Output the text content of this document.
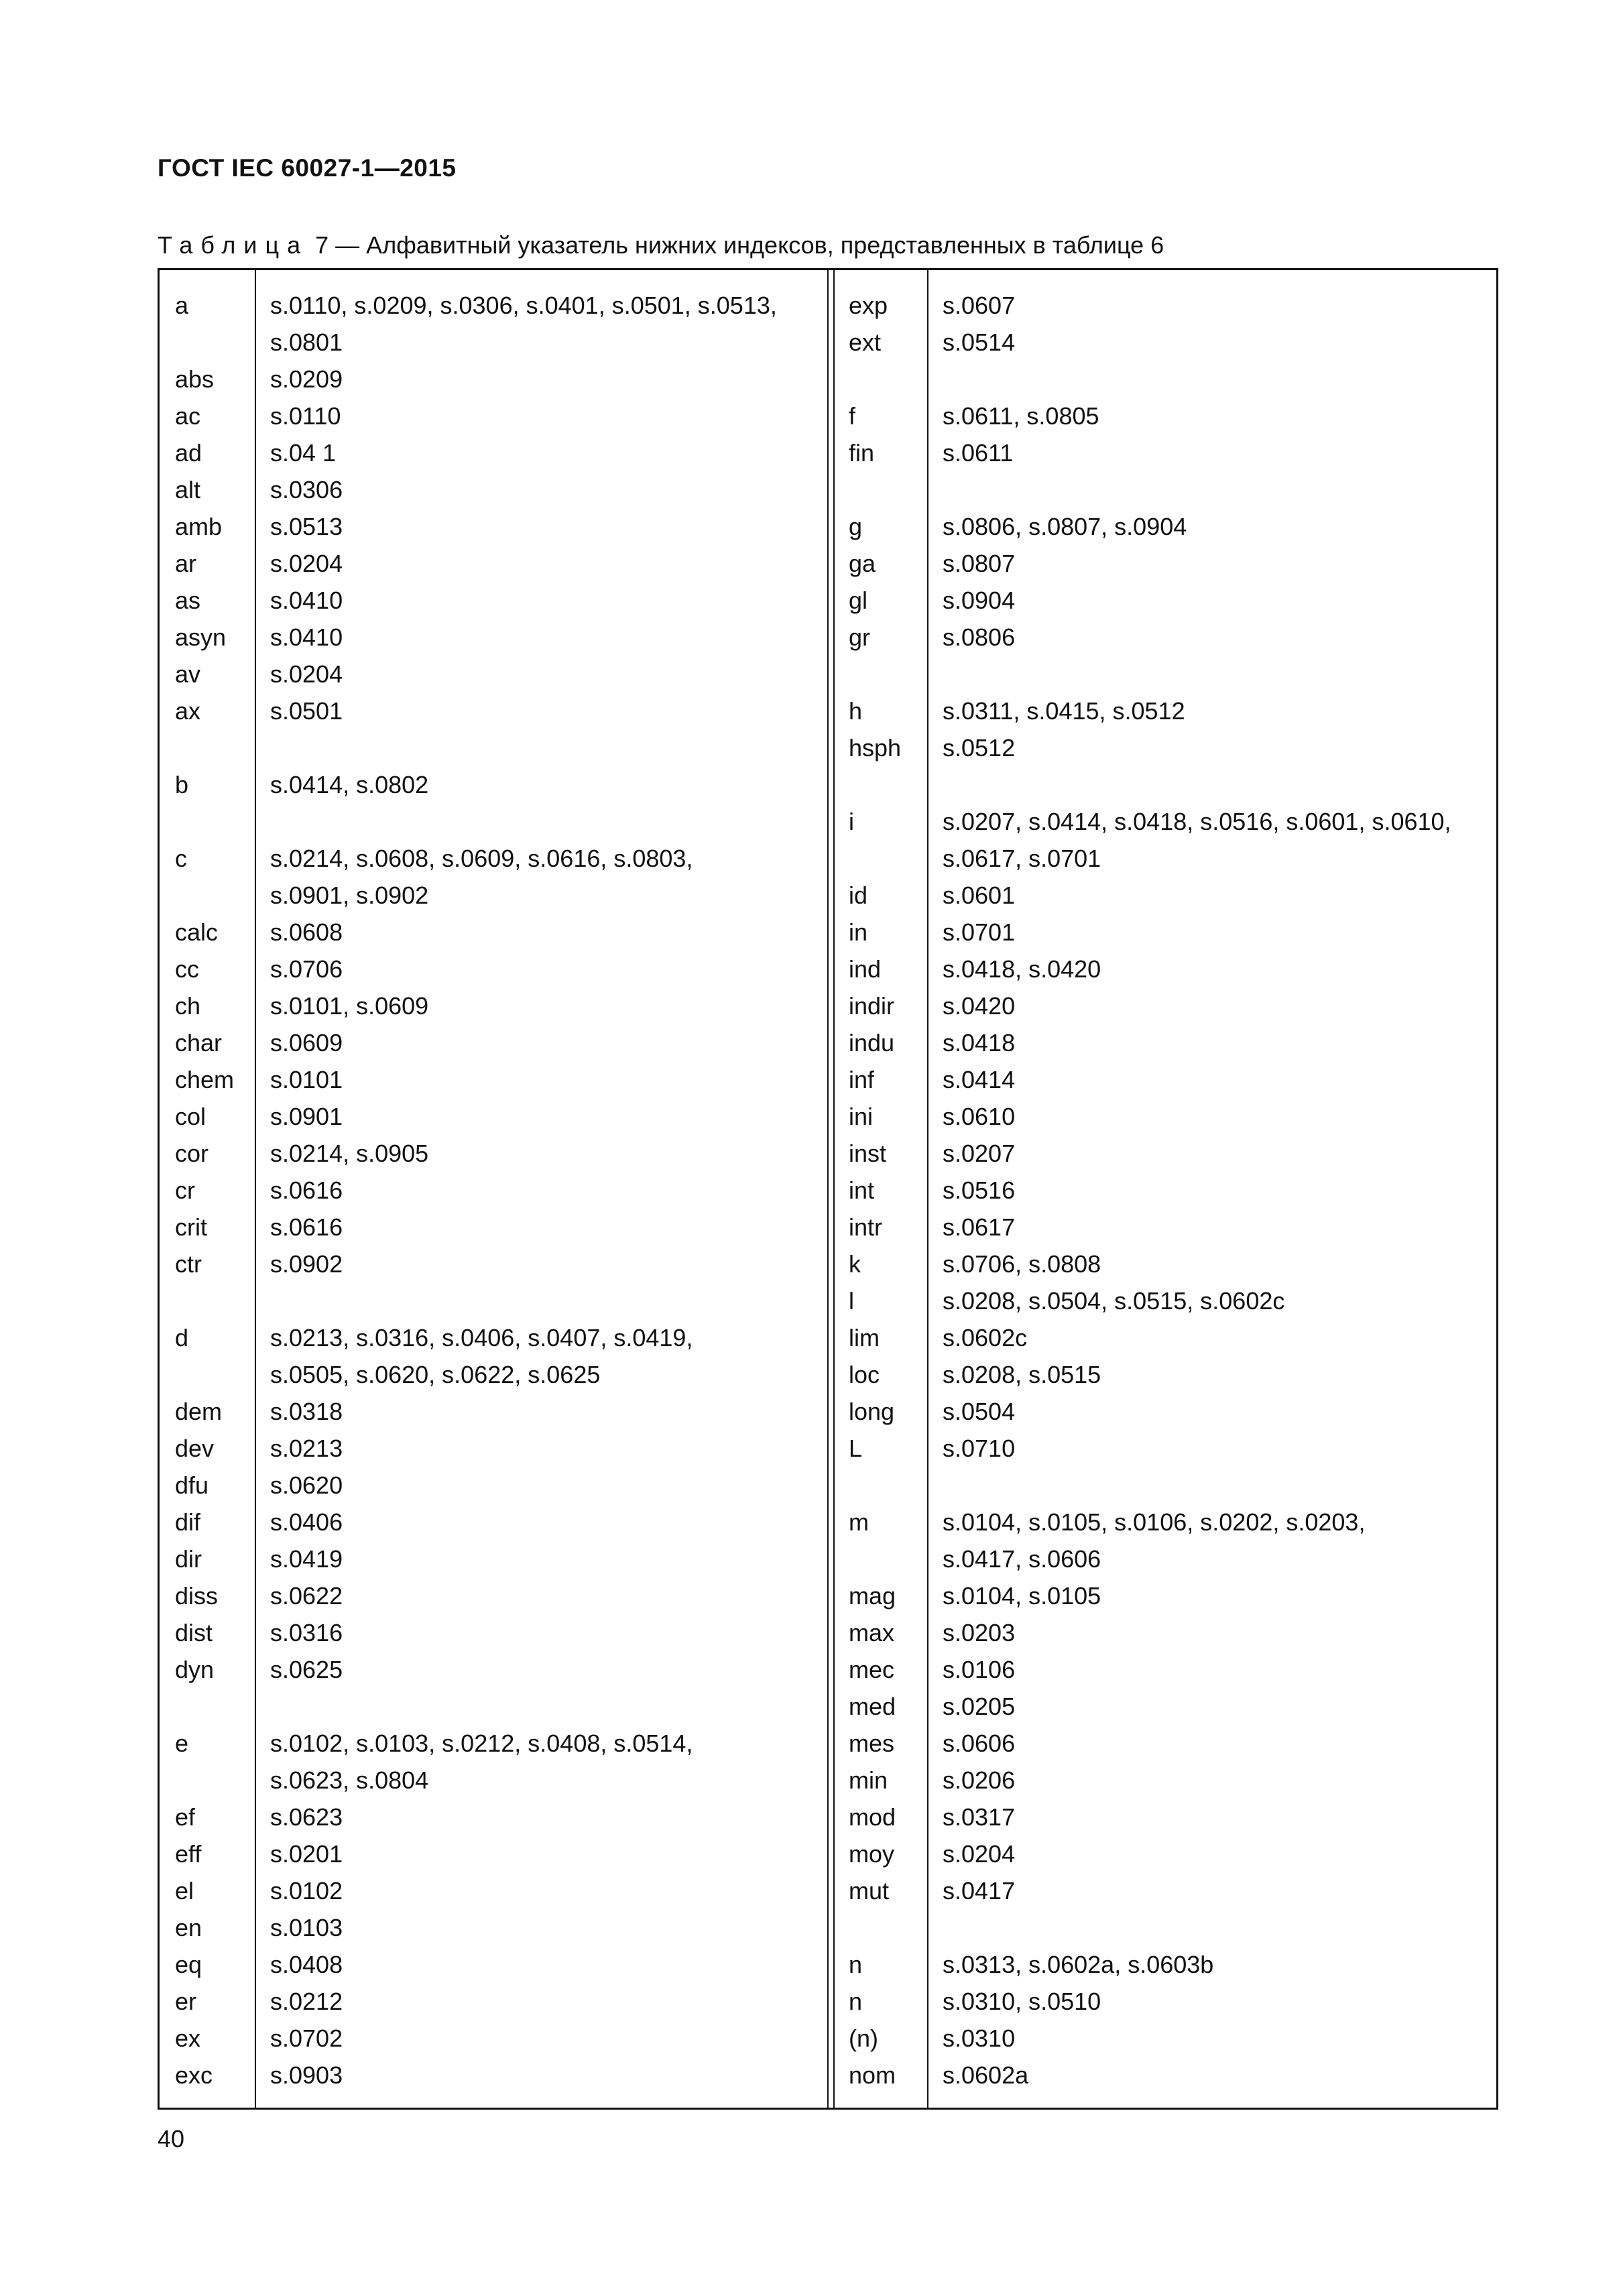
ГОСТ IEC 60027-1—2015
Таблица 7 — Алфавитный указатель нижних индексов, представленных в таблице 6
a	s.0110, s.0209, s.0306, s.0401, s.0501, s.0513,
s.0801
abs	s.0209
ac	s.0110
ad	s.04 1
alt	s.0306
amb	s.0513
ar	s.0204
as	s.0410
asyn	s.0410
av	s.0204
ax	s.0501
b	s.0414, s.0802
c	s.0214, s.0608, s.0609, s.0616, s.0803,
s.0901, s.0902
calc	s.0608
cc	s.0706
ch	s.0101, s.0609
char	s.0609
chem	s.0101
col	s.0901
cor	s.0214, s.0905
cr	s.0616
crit	s.0616
ctr	s.0902
d	s.0213, s.0316, s.0406, s.0407, s.0419,
s.0505, s.0620, s.0622, s.0625
dem	s.0318
dev	s.0213
dfu	s.0620
dif	s.0406
dir	s.0419
diss	s.0622
dist	s.0316
dyn	s.0625
e	s.0102, s.0103, s.0212, s.0408, s.0514,
s.0623, s.0804
ef	s.0623
eff	s.0201
el	s.0102
en	s.0103
eq	s.0408
er	s.0212
ex	s.0702
exc	s.0903
exp	s.0607
ext	s.0514
f	s.0611, s.0805
fin	s.0611
g	s.0806, s.0807, s.0904
ga	s.0807
gl	s.0904
gr	s.0806
h	s.0311, s.0415, s.0512
hsph	s.0512
i	s.0207, s.0414, s.0418, s.0516, s.0601, s.0610,
s.0617, s.0701
id	s.0601
in	s.0701
ind	s.0418, s.0420
indir	s.0420
indu	s.0418
inf	s.0414
ini	s.0610
inst	s.0207
int	s.0516
intr	s.0617
k	s.0706, s.0808
l	s.0208, s.0504, s.0515, s.0602c
lim	s.0602c
loc	s.0208, s.0515
long	s.0504
L	s.0710
m	s.0104, s.0105, s.0106, s.0202, s.0203,
s.0417, s.0606
mag	s.0104, s.0105
max	s.0203
mec	s.0106
med	s.0205
mes	s.0606
min	s.0206
mod	s.0317
moy	s.0204
mut	s.0417
n	s.0313, s.0602a, s.0603b
n	s.0310, s.0510
(n)	s.0310
nom	s.0602a
40
